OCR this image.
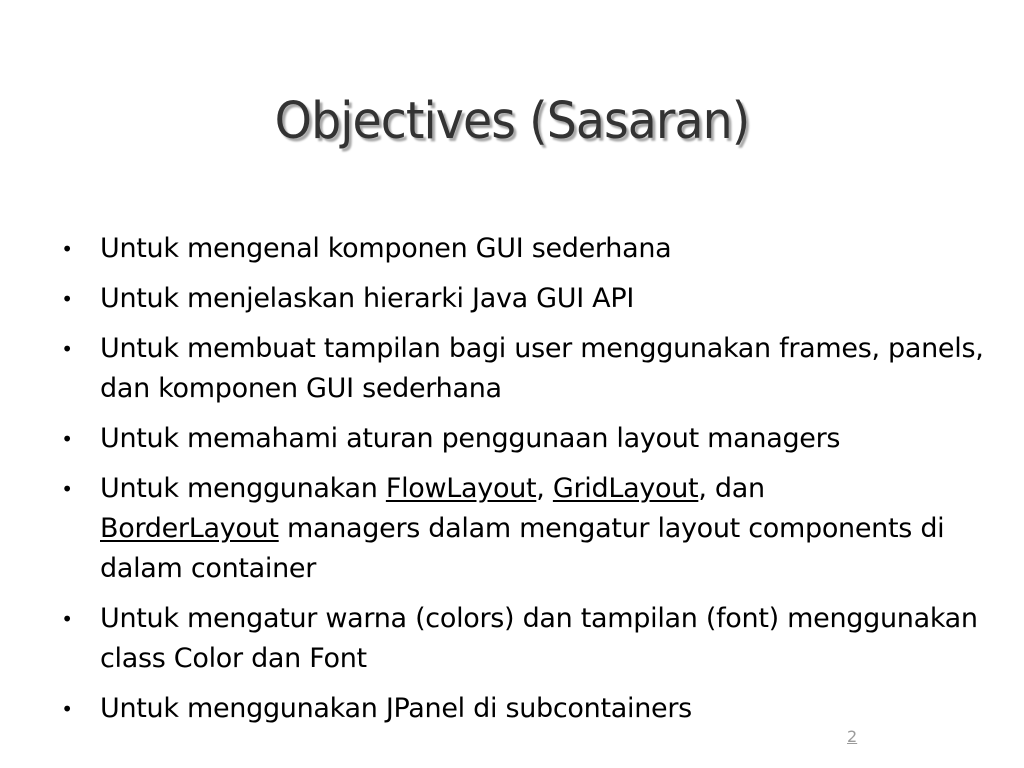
Objectives (Sasaran)
• Untuk mengenal komponen GUI sederhana
• Untuk menjelaskan hierarki Java GUI API
• Untuk membuat tampilan bagi user menggunakan frames, panels, dan komponen GUI sederhana
• Untuk memahami aturan penggunaan layout managers
• Untuk menggunakan FlowLayout, GridLayout, dan
BorderLayout managers dalam mengatur layout components di dalam container
• Untuk mengatur warna (colors) dan tampilan (font) menggunakan class Color dan Font
• Untuk menggunakan JPanel di subcontainers
2
